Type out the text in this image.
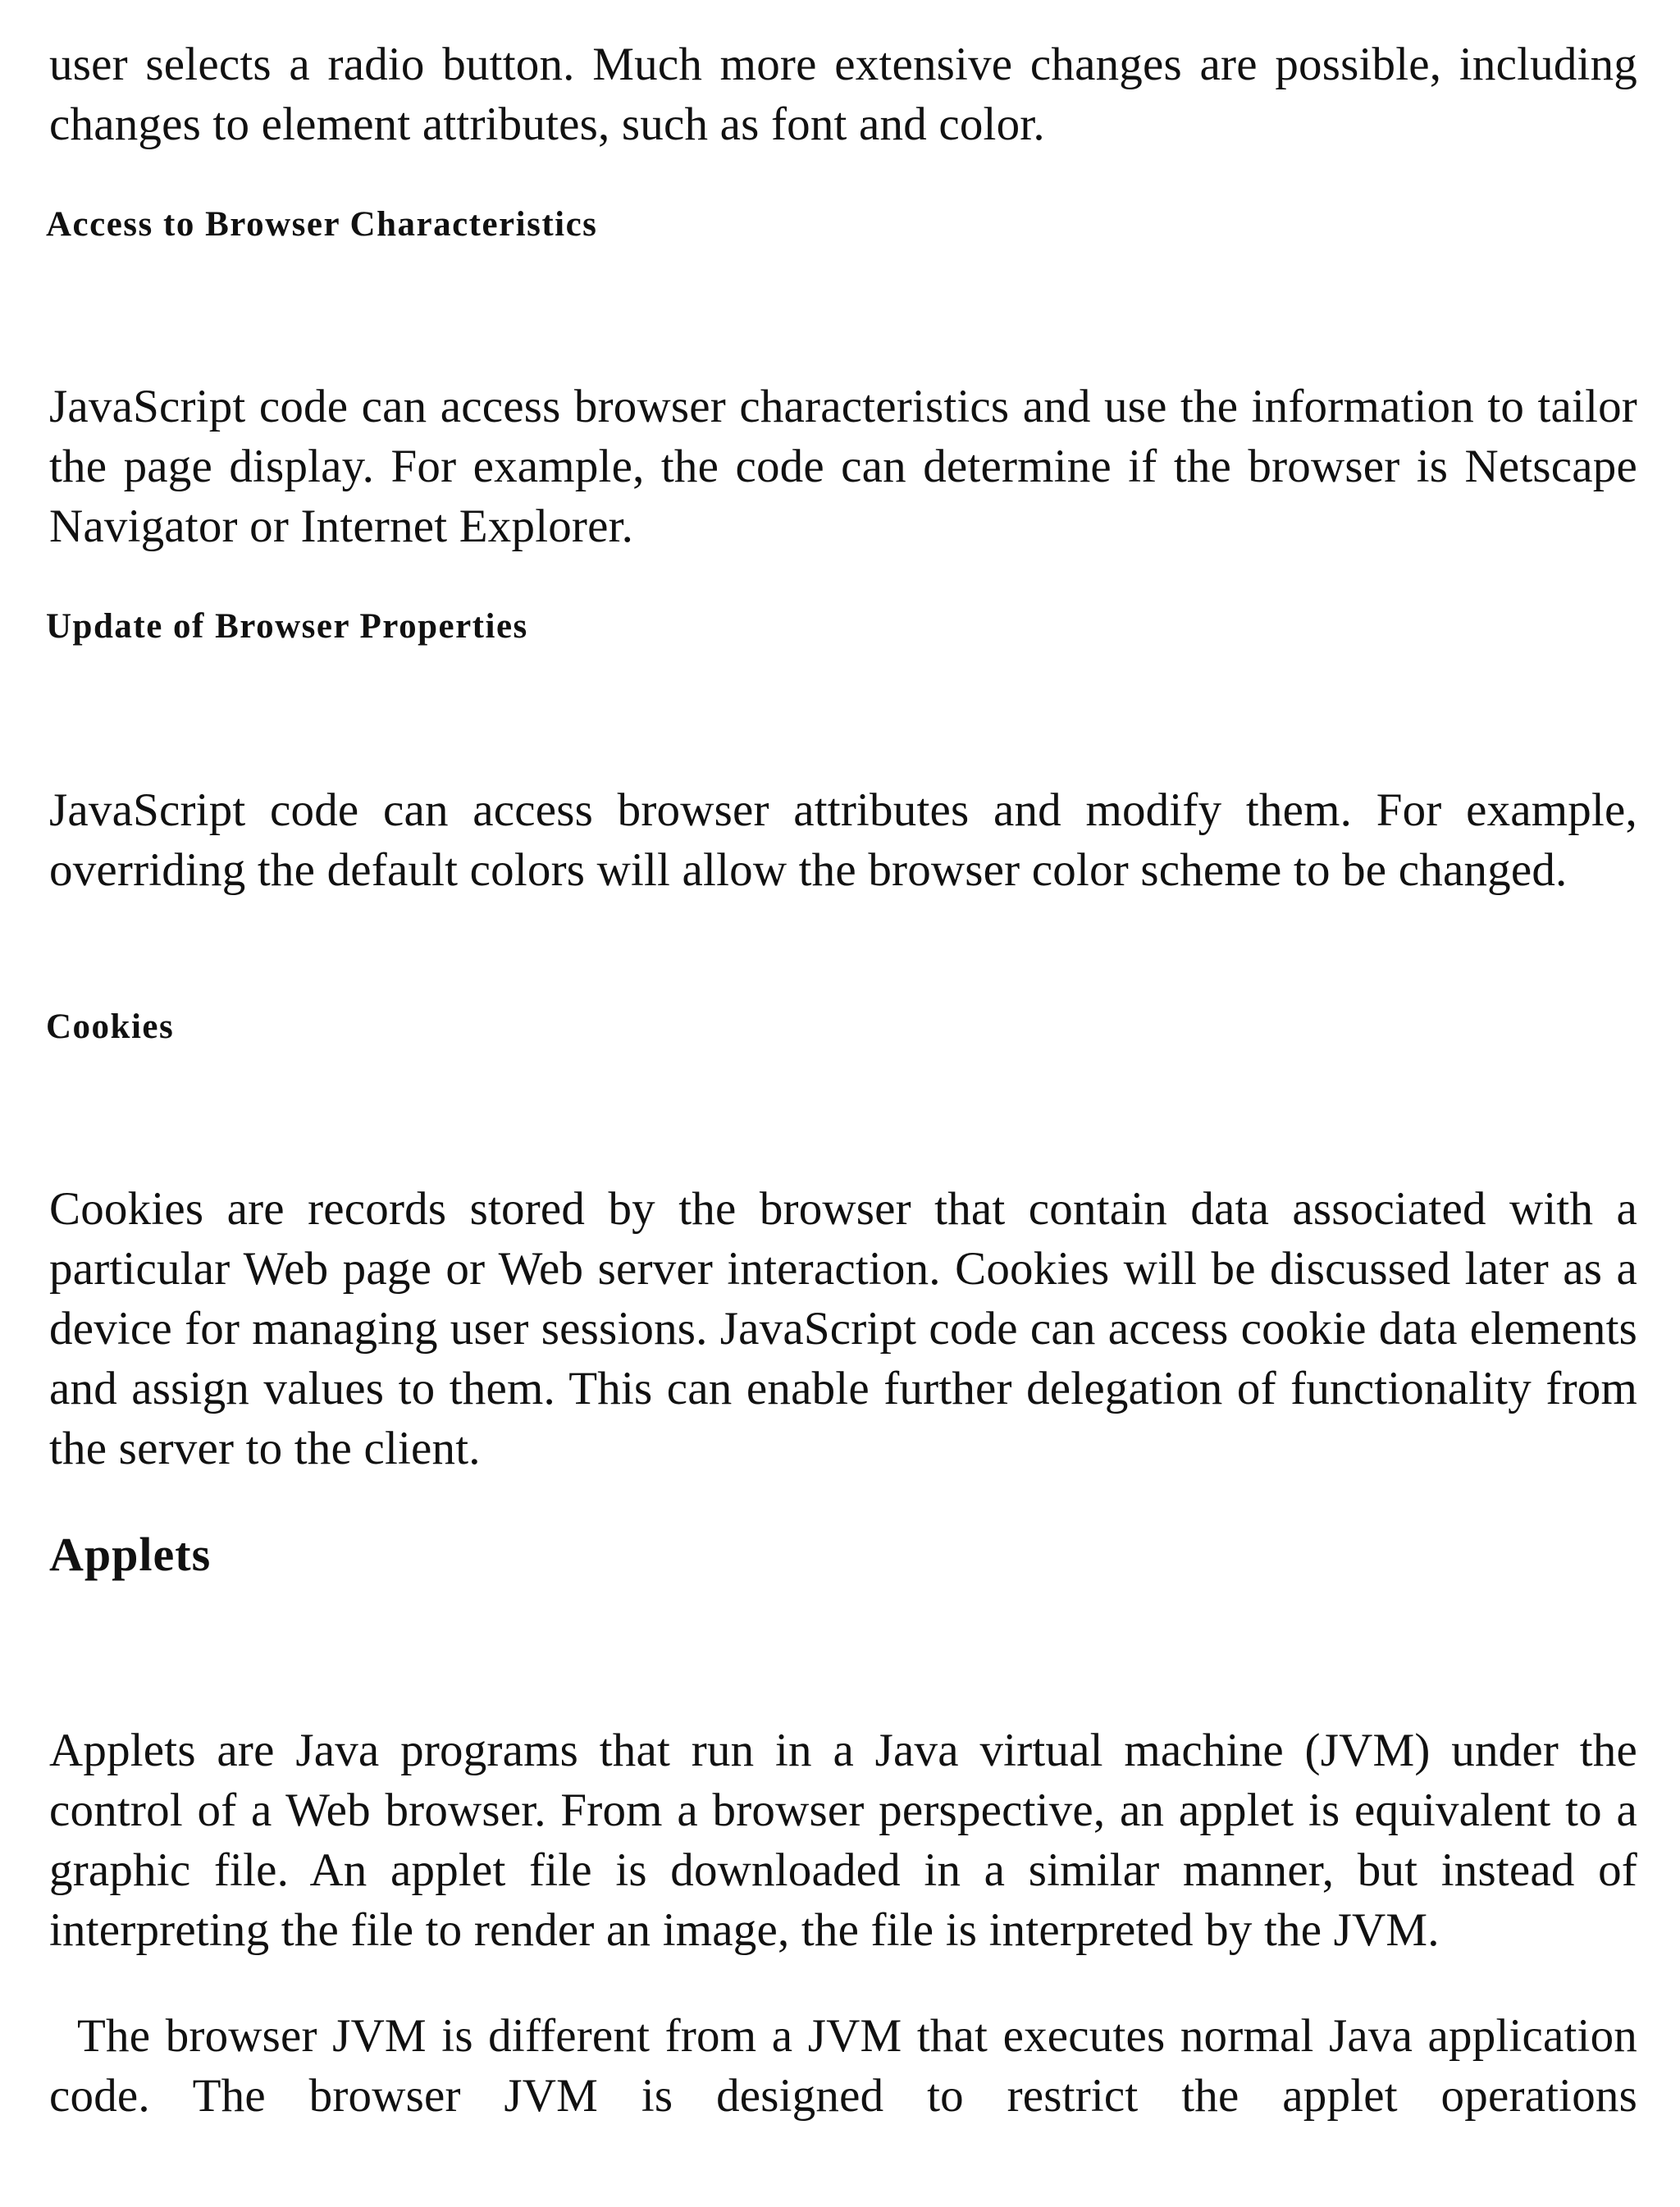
user selects a radio button. Much more extensive changes are possible, including changes to element attributes, such as font and color.

Access to Browser Characteristics

JavaScript code can access browser characteristics and use the information to tailor the page display. For example, the code can determine if the browser is Netscape Navigator or Internet Explorer.

Update of Browser Properties

JavaScript code can access browser attributes and modify them. For example, overriding the default colors will allow the browser color scheme to be changed.

Cookies

Cookies are records stored by the browser that contain data associated with a particular Web page or Web server interaction. Cookies will be discussed later as a device for managing user sessions. JavaScript code can access cookie data elements and assign values to them. This can enable further delegation of functionality from the server to the client.

Applets

Applets are Java programs that run in a Java virtual machine (JVM) under the control of a Web browser. From a browser perspective, an applet is equivalent to a graphic file. An applet file is downloaded in a similar manner, but instead of interpreting the file to render an image, the file is interpreted by the JVM.

The browser JVM is different from a JVM that executes normal Java application code. The browser JVM is designed to restrict the applet operations
